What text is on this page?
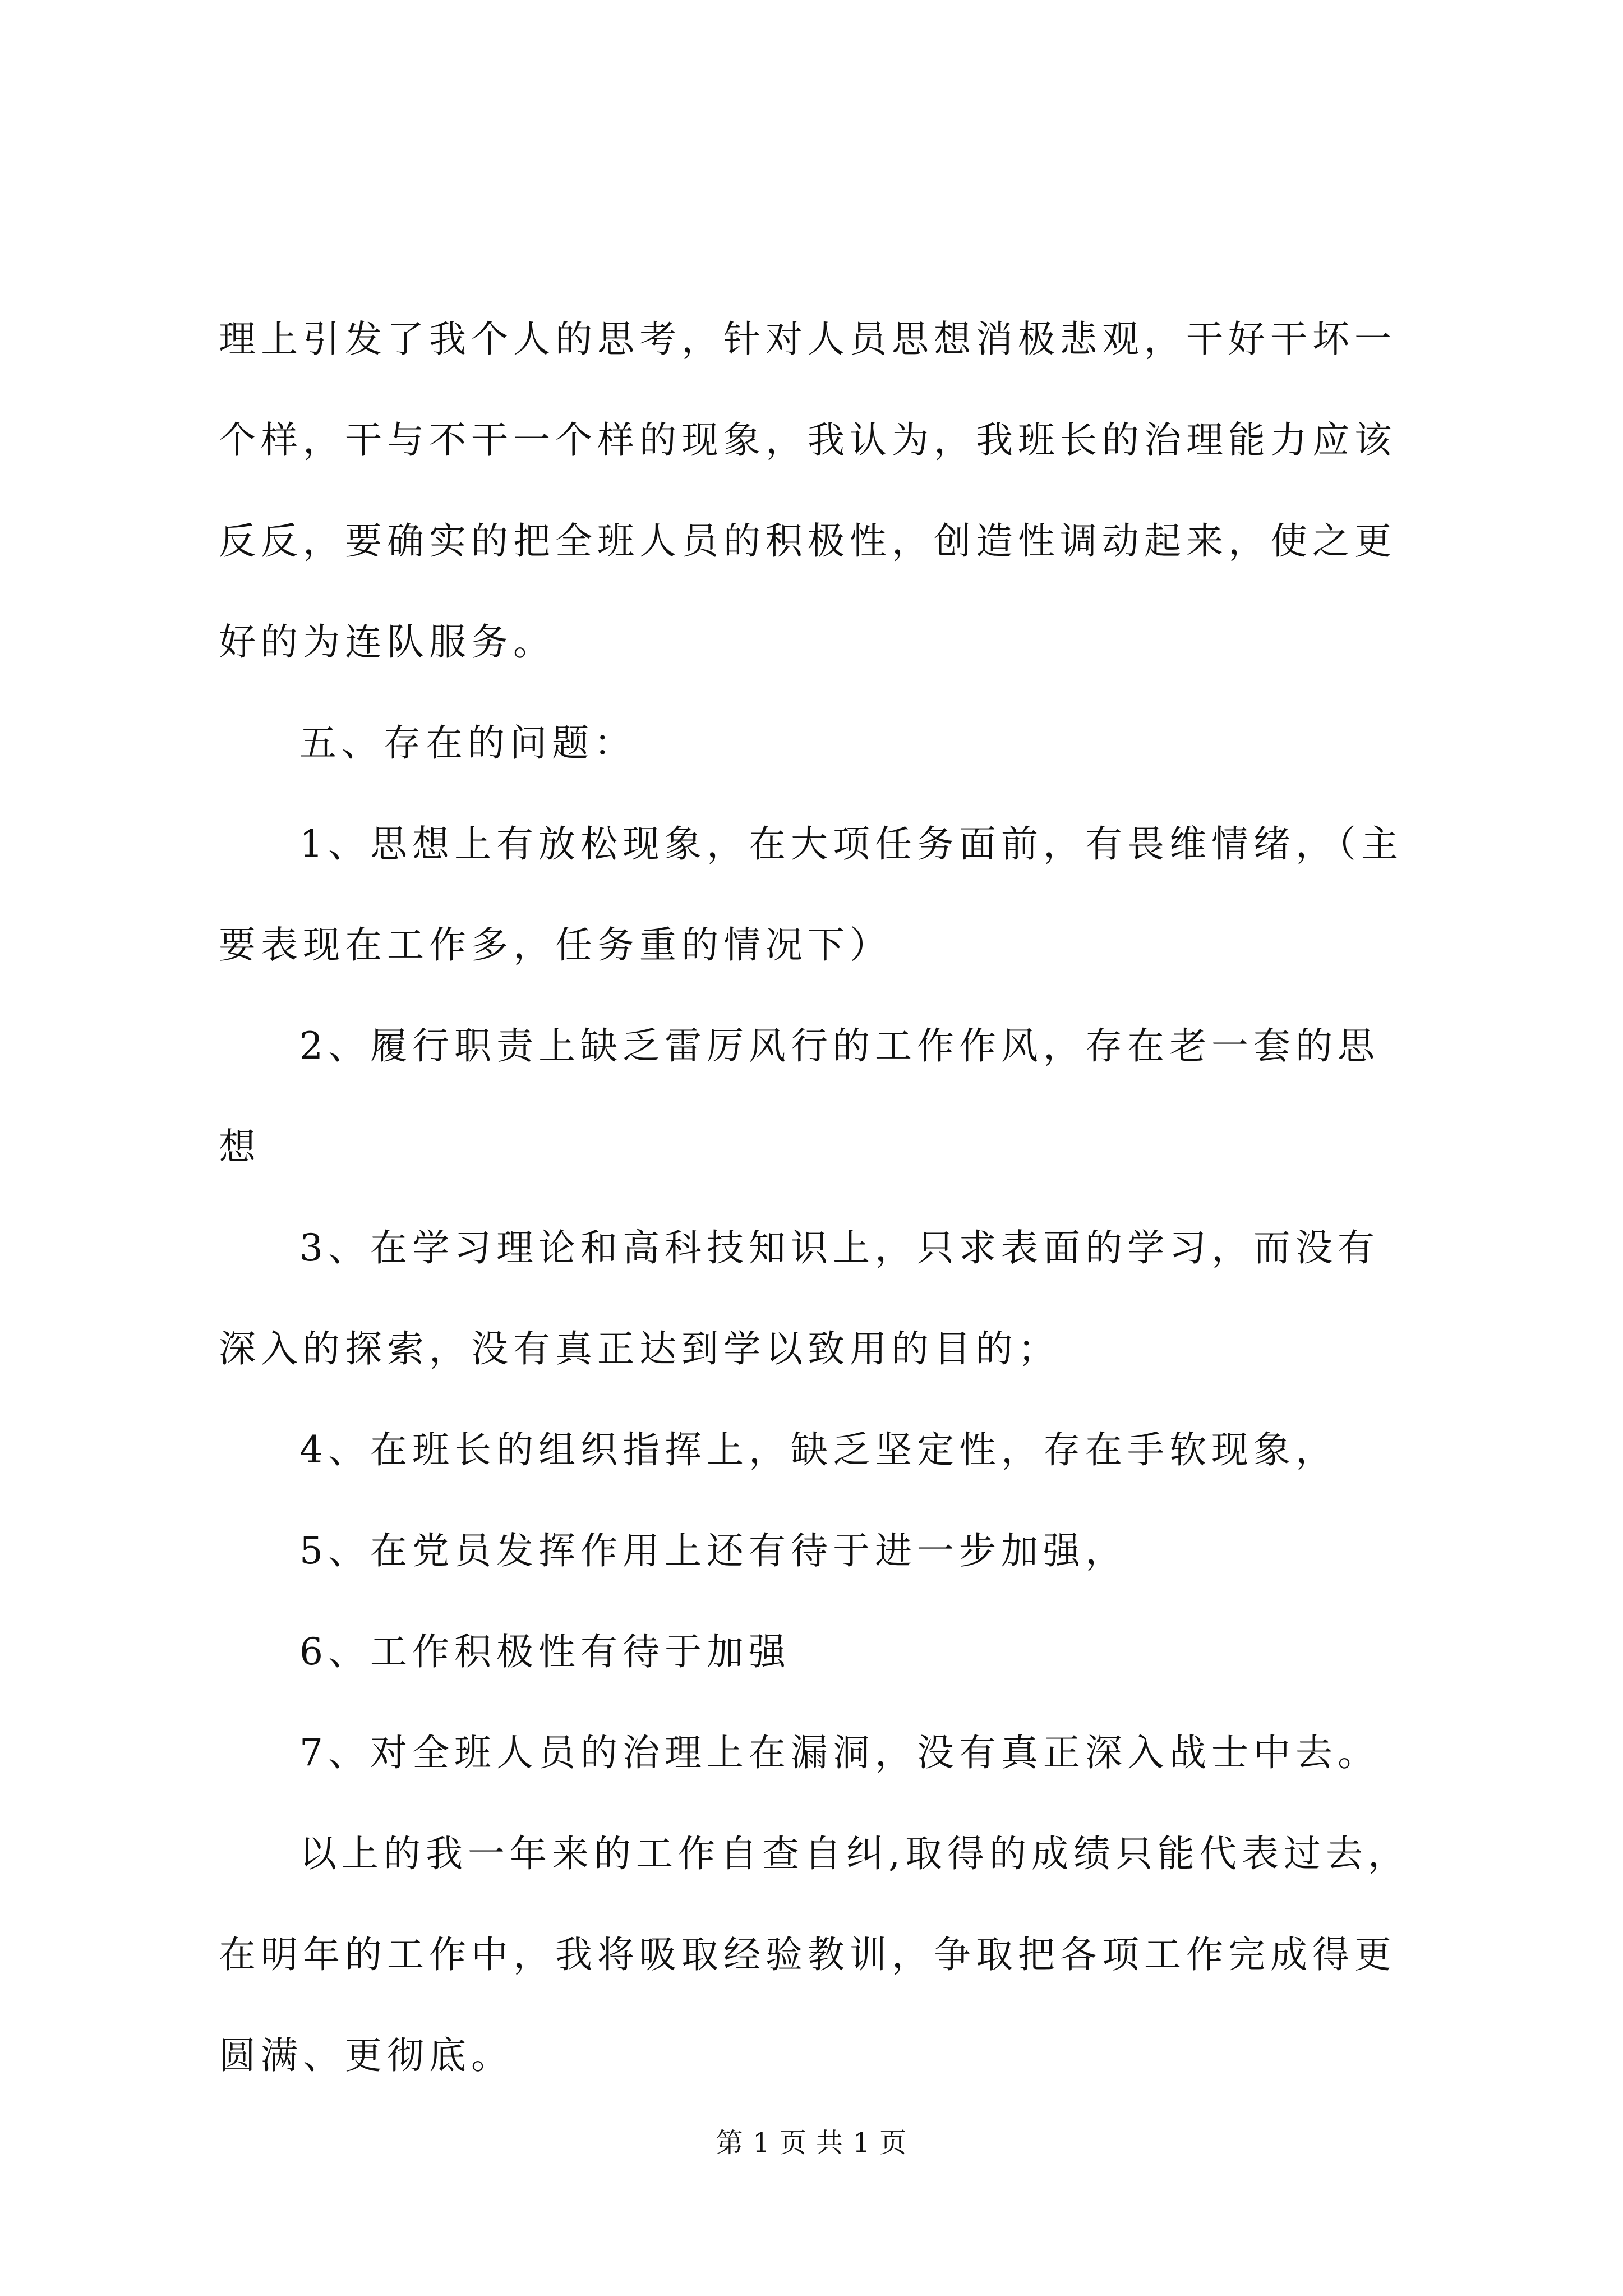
理上引发了我个人的思考，针对人员思想消极悲观，干好干坏一
个样，干与不干一个样的现象，我认为，我班长的治理能力应该
反反，要确实的把全班人员的积极性，创造性调动起来，使之更
好的为连队服务。

五、存在的问题：

1、思想上有放松现象，在大项任务面前，有畏维情绪，（主
要表现在工作多，任务重的情况下）

2、履行职责上缺乏雷厉风行的工作作风，存在老一套的思
想

3、在学习理论和高科技知识上，只求表面的学习，而没有
深入的探索，没有真正达到学以致用的目的；

4、在班长的组织指挥上，缺乏坚定性，存在手软现象，

5、在党员发挥作用上还有待于进一步加强，

6、工作积极性有待于加强

7、对全班人员的治理上在漏洞，没有真正深入战士中去。

以上的我一年来的工作自查自纠,取得的成绩只能代表过去，
在明年的工作中，我将吸取经验教训，争取把各项工作完成得更
圆满、更彻底。

第 1 页 共 1 页
